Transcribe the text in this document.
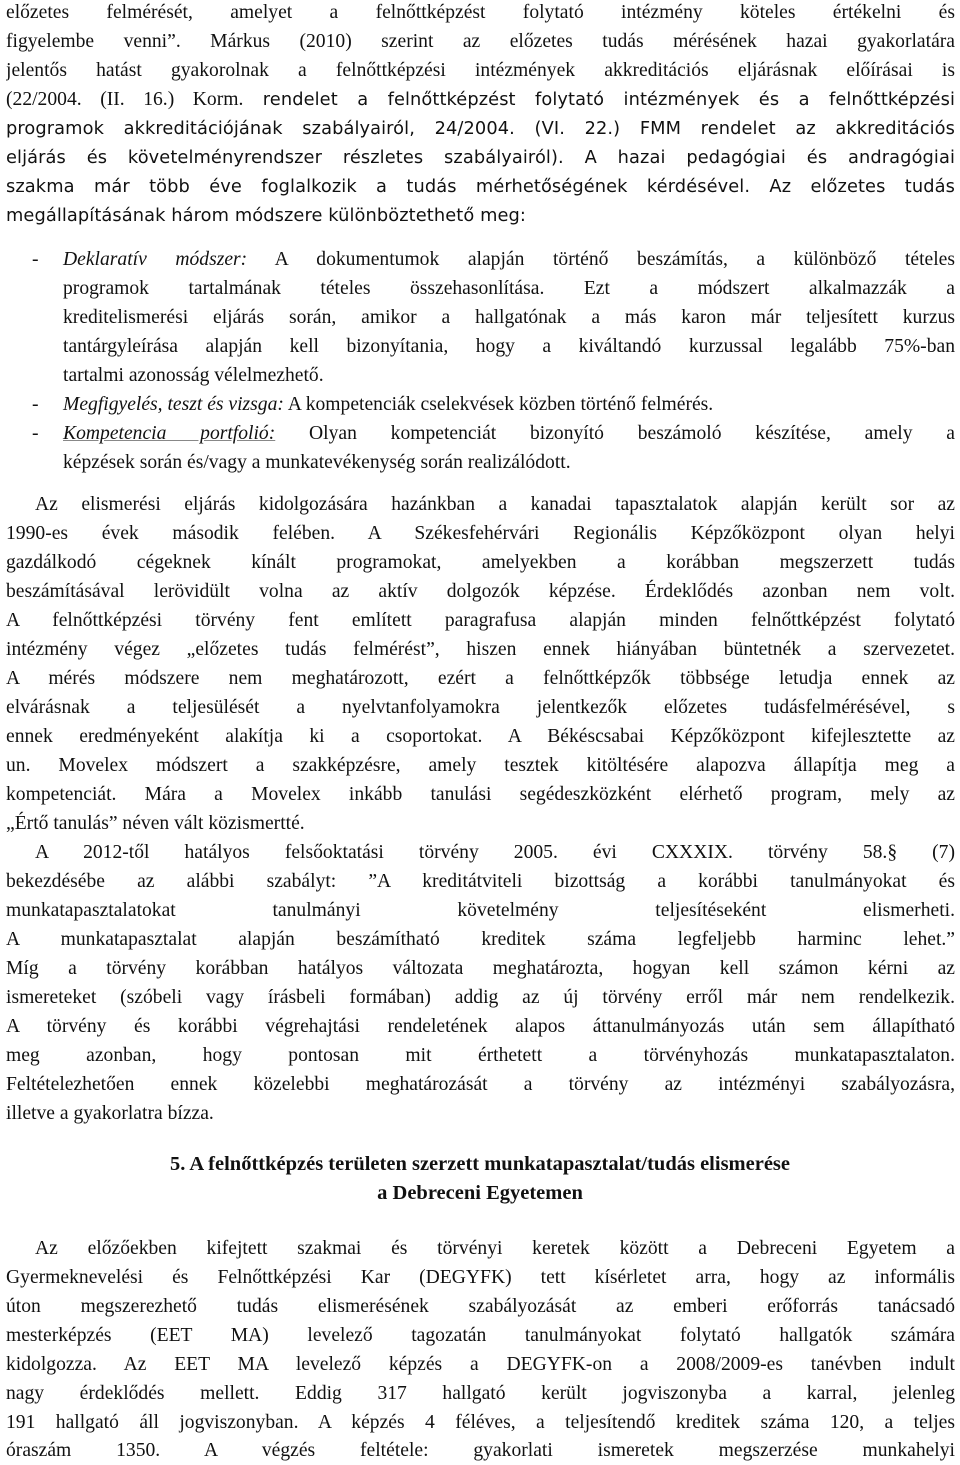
előzetes felmérését, amelyet a felnőttképzést folytató intézmény köteles értékelni és
figyelembe venni”. Márkus (2010) szerint az előzetes tudás mérésének hazai gyakorlatára
jelentős hatást gyakorolnak a felnőttképzési intézmények akkreditációs eljárásnak előírásai is
(22/2004. (II. 16.) Korm. rendelet a felnőttképzést folytató intézmények és a felnőttképzési
programok akkreditációjának szabályairól, 24/2004. (VI. 22.) FMM rendelet az akkreditációs
eljárás és követelményrendszer részletes szabályairól). A hazai pedagógiai és andragógiai
szakma már több éve foglalkozik a tudás mérhetőségének kérdésével. Az előzetes tudás
megállapításának három módszere különböztethető meg:
- Deklaratív módszer: A dokumentumok alapján történő beszámítás, a különböző tételes
programok tartalmának tételes összehasonlítása. Ezt a módszert alkalmazzák a
kreditelismerési eljárás során, amikor a hallgatónak a más karon már teljesített kurzus
tantárgyleírása alapján kell bizonyítania, hogy a kiváltandó kurzussal legalább 75%-ban
tartalmi azonosság vélelmezhető.
- Megfigyelés, teszt és vizsga: A kompetenciák cselekvések közben történő felmérés.
- Kompetencia portfolió: Olyan kompetenciát bizonyító beszámoló készítése, amely a
képzések során és/vagy a munkatevékenység során realizálódott.
Az elismerési eljárás kidolgozására hazánkban a kanadai tapasztalatok alapján került sor az
1990-es évek második felében. A Székesfehérvári Regionális Képzőközpont olyan helyi
gazdálkodó cégeknek kínált programokat, amelyekben a korábban megszerzett tudás
beszámításával lerövidült volna az aktív dolgozók képzése. Érdeklődés azonban nem volt.
A felnőttképzési törvény fent említett paragrafusa alapján minden felnőttképzést folytató
intézmény végez „előzetes tudás felmérést”, hiszen ennek hiányában büntetnék a szervezetet.
A mérés módszere nem meghatározott, ezért a felnőttképzők többsége letudja ennek az
elvárásnak a teljesülését a nyelvtanfolyamokra jelentkezők előzetes tudásfelmérésével, s
ennek eredményeként alakítja ki a csoportokat. A Békéscsabai Képzőközpont kifejlesztette az
un. Movelex módszert a szakképzésre, amely tesztek kitöltésére alapozva állapítja meg a
kompetenciát. Mára a Movelex inkább tanulási segédeszközként elérhető program, mely az
„Értő tanulás” néven vált közismertté.
A 2012-től hatályos felsőoktatási törvény 2005. évi CXXXIX. törvény 58.§ (7)
bekezdésébe az alábbi szabályt: ”A kreditátviteli bizottság a korábbi tanulmányokat és
munkatapasztalatokat tanulmányi követelmény teljesítéseként elismerheti.
A munkatapasztalat alapján beszámítható kreditek száma legfeljebb harminc lehet.”
Míg a törvény korábban hatályos változata meghatározta, hogyan kell számon kérni az
ismereteket (szóbeli vagy írásbeli formában) addig az új törvény erről már nem rendelkezik.
A törvény és korábbi végrehajtási rendeletének alapos áttanulmányozás után sem állapítható
meg azonban, hogy pontosan mit érthetett a törvényhozás munkatapasztalaton.
Feltételezhetően ennek közelebbi meghatározását a törvény az intézményi szabályozásra,
illetve a gyakorlatra bízza.
5. A felnőttképzés területen szerzett munkatapasztalat/tudás elismerése
a Debreceni Egyetemen
Az előzőekben kifejtett szakmai és törvényi keretek között a Debreceni Egyetem a
Gyermeknevelési és Felnőttképzési Kar (DEGYFK) tett kísérletet arra, hogy az informális
úton megszerezhető tudás elismerésének szabályozását az emberi erőforrás tanácsadó
mesterképzés (EET MA) levelező tagozatán tanulmányokat folytató hallgatók számára
kidolgozza. Az EET MA levelező képzés a DEGYFK-on a 2008/2009-es tanévben indult
nagy érdeklődés mellett. Eddig 317 hallgató került jogviszonyba a karral, jelenleg
191 hallgató áll jogviszonyban. A képzés 4 féléves, a teljesítendő kreditek száma 120, a teljes
óraszám 1350. A végzés feltétele: gyakorlati ismeretek megszerzése munkahelyi
